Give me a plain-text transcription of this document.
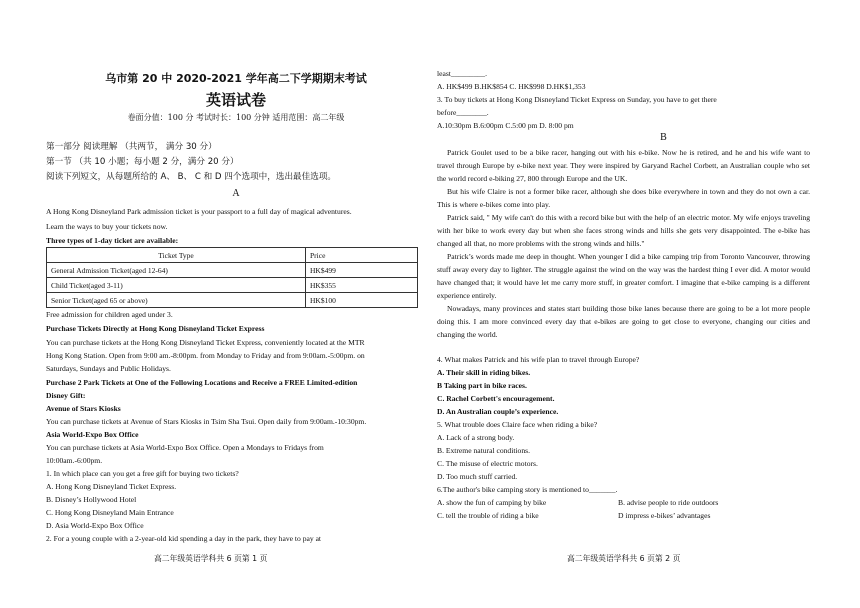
乌市第 20 中 2020-2021 学年高二下学期期末考试
英语试卷
卷面分值：100 分 考试时长：100 分钟 适用范围：高二年级
第一部分 阅读理解 （共两节， 满分 30 分）
第一节 （共 10 小题；每小题 2 分，满分 20 分）
阅读下列短文，从每题所给的 A、 B、 C 和 D 四个选项中，选出最佳选项。
A
A Hong Kong Disneyland Park admission ticket is your passport to a full day of magical adventures.
Learn the ways to buy your tickets now.
Three types of 1-day ticket are available:
Ticket Type	Price
General Admission Ticket(aged 12-64)	HK$499
Child Ticket(aged 3-11)	HK$355
Senior Ticket(aged 65 or above)	HK$100
Free admission for children aged under 3.
Purchase Tickets Directly at Hong Kong Disneyland Ticket Express
You can purchase tickets at the Hong Kong Disneyland Ticket Express, conveniently located at the MTR
Hong Kong Station. Open from 9:00 am.-8:00pm. from Monday to Friday and from 9:00am.-5:00pm. on
Saturdays, Sundays and Public Holidays.
Purchase 2 Park Tickets at One of the Following Locations and Receive a FREE Limited-edition
Disney Gift:
Avenue of Stars Kiosks
You can purchase tickets at Avenue of Stars Kiosks in Tsim Sha Tsui. Open daily from 9:00am.-10:30pm.
Asia World-Expo Box Office
You can purchase tickets at Asia World-Expo Box Office. Open a Mondays to Fridays from
10:00am.-6:00pm.
1. In which place can you get a free gift for buying two tickets?
A. Hong Kong Disneyland Ticket Express.
B. Disney’s Hollywood Hotel
C. Hong Kong Disneyland Main Entrance
D. Asia World-Expo Box Office
2. For a young couple with a 2-year-old kid spending a day in the park, they have to pay at
高二年级英语学科共 6 页第 1 页
least_________.
A. HK$499 B.HK$854 C. HK$998 D.HK$1,353
3. To buy tickets at Hong Kong Disneyland Ticket Express on Sunday, you have to get there
before________.
A.10:30pm B.6:00pm C.5:00 pm D. 8:00 pm
B
Patrick Goulet used to be a bike racer, hanging out with his e-bike. Now he is retired, and he and his wife want to travel through Europe by e-bike next year. They were inspired by Garyand Rachel Corbett, an Australian couple who set the world record e-biking 27, 800 through Europe and the UK.
But his wife Claire is not a former bike racer, although she does bike everywhere in town and they do not own a car. This is where e-bikes come into play.
Patrick said, " My wife can't do this with a record bike but with the help of an electric motor. My wife enjoys traveling with her bike to work every day but when she faces strong winds and hills she gets very disappointed. The e-bike has changed all that, no more problems with the strong winds and hills."
Patrick’s words made me deep in thought. When younger I did a bike camping trip from Toronto Vancouver, throwing stuff away every day to lighter. The struggle against the wind on the way was the hardest thing I ever did. A motor would have changed that; it would have let me carry more stuff, in greater comfort. I imagine that e-bike camping is a different experience entirely.
Nowadays, many provinces and states start building those bike lanes because there are going to be a lot more people doing this. I am more convinced every day that e-bikes are going to get close to everyone, changing our cities and changing the world.
4. What makes Patrick and his wife plan to travel through Europe?
A. Their skill in riding bikes.
B Taking part in bike races.
C. Rachel Corbett's encouragement.
D. An Australian couple’s experience.
5. What trouble does Claire face when riding a bike?
A. Lack of a strong body.
B. Extreme natural conditions.
C. The misuse of electric motors.
D. Too much stuff carried.
6.The author's bike camping story is mentioned to_______.
A. show the fun of camping by bike	B. advise people to ride outdoors
C. tell the trouble of riding a bike	D impress e-bikes’ advantages
高二年级英语学科共 6 页第 2 页
